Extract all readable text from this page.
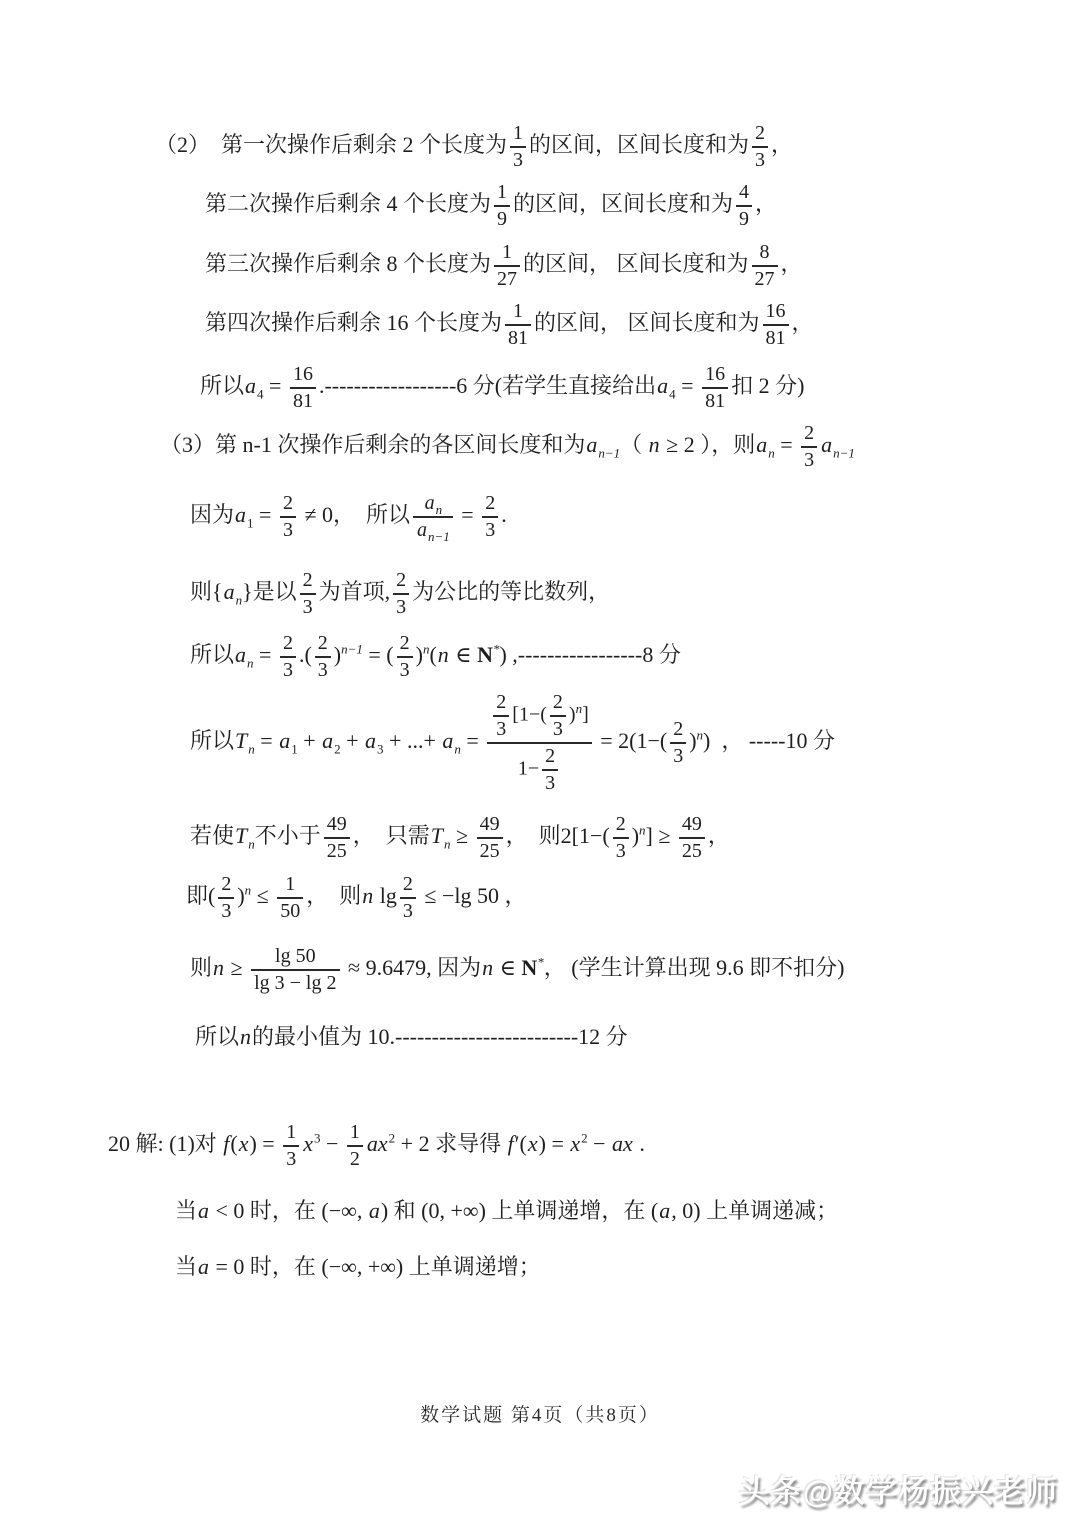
（2）  第一次操作后剩余 2 个长度为 $\frac{1}{3}$ 的区间，区间长度和为 $\frac{2}{3}$ ，
第二次操作后剩余 4 个长度为 $\frac{1}{9}$ 的区间，区间长度和为 $\frac{4}{9}$ ，
第三次操作后剩余 8 个长度为 $\frac{1}{27}$ 的区间， 区间长度和为 $\frac{8}{27}$ ，
第四次操作后剩余 16 个长度为 $\frac{1}{81}$ 的区间， 区间长度和为 $\frac{16}{81}$ ，
所以$a_4 = \frac{16}{81} .------------------6$ 分(若学生直接给出$a_4 = \frac{16}{81}$ 扣 2 分)
（3）第 n-1 次操作后剩余的各区间长度和为$a_{n-1}$（ n ≥ 2 ），则$a_n = \frac{2}{3} a_{n-1}$
因为$a_1 = \frac{2}{3} \ne 0$，  所以 $\frac{a_n}{a_{n-1}} = \frac{2}{3}$ .
则$\{a_n\}$是以 $\frac{2}{3}$ 为首项, $\frac{2}{3}$ 为公比的等比数列，
所以$a_n = \frac{2}{3}$ .( $\frac{2}{3} )^{n-1}$ = ( $\frac{2}{3} )^n(n$ ∈ N*) ,-----------------8 分
所以$T_n = a_1 + a_2 + a_3$ + ...+ $a_n = \frac{\frac{2}{3} [1-( \frac{2}{3} )^n]}{1- \frac{2}{3}} = 2(1-( \frac{2}{3} )^n)$  ， -----10 分
若使$T_n$不小于 $\frac{49}{25}$ ，  只需$T_n \ge \frac{49}{25}$ ，  则$2[1-( \frac{2}{3} )^n] \ge \frac{49}{25}$ ，
即( $\frac{2}{3} )^n \le \frac{1}{50}$ ，  则n $\lg \frac{2}{3} \le -\lg$ 50 ，
则$n \ge \frac{\lg 50}{\lg 3 - \lg 2} \approx 9.6479$, 因为n ∈ N*， (学生计算出现 9.6 即不扣分)
所以n的最小值为 10.-------------------------12 分
20 解: (1)对 $f(x) = \frac{1}{3} x^3 - \frac{1}{2} ax^2 + 2$ 求导得 $f'(x) = x^2$ − ax .
当a < 0 时，在 (−∞, a) 和 (0, +∞) 上单调递增，在 (a, 0) 上单调递减；
当a = 0 时，在 (−∞, +∞) 上单调递增；
数学试题 第4页（共8页）
头条@数学杨振兴老师
